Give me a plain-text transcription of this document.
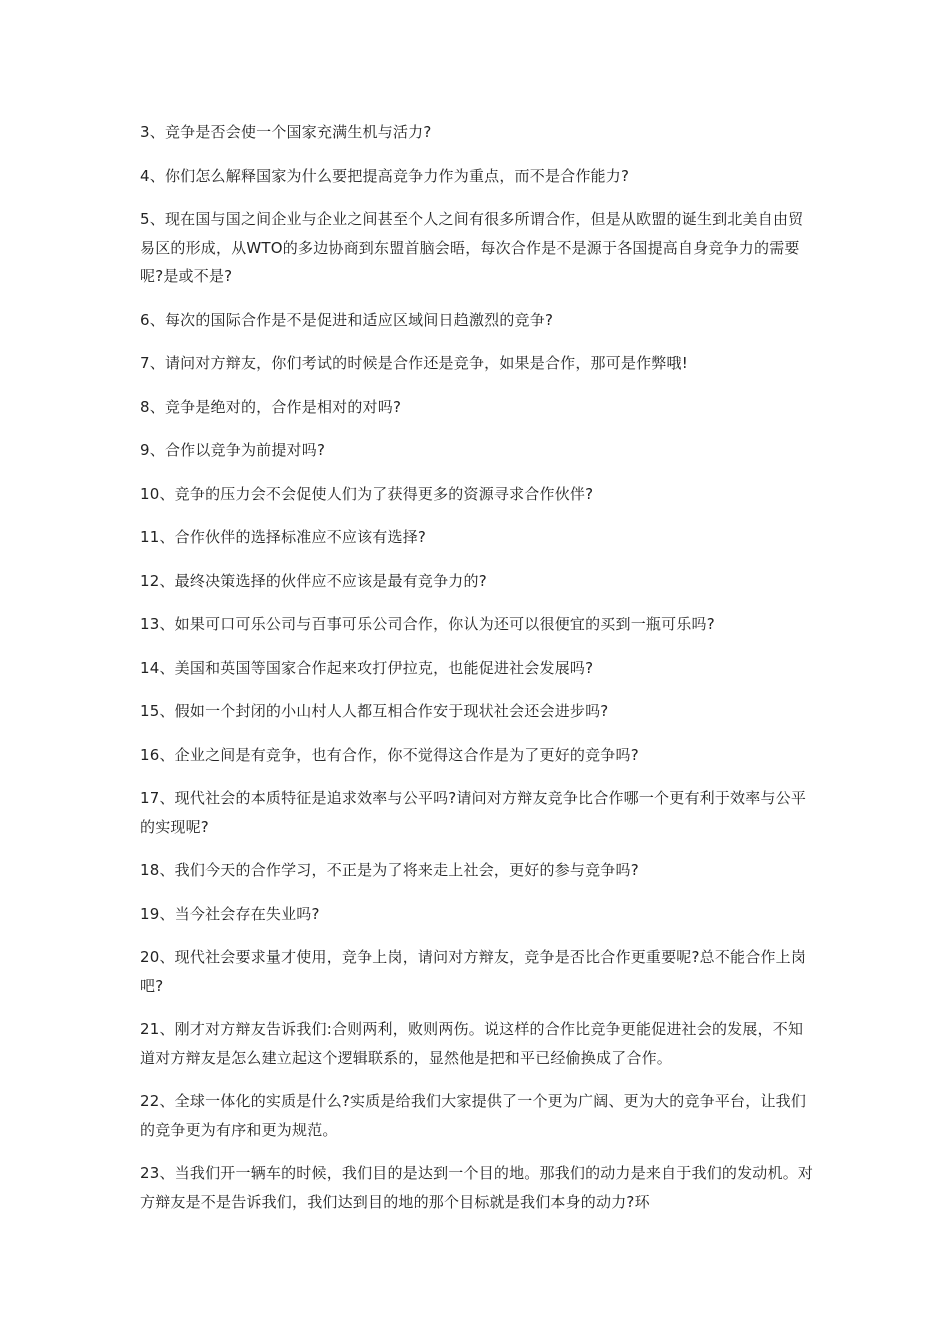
3、竞争是否会使一个国家充满生机与活力?

4、你们怎么解释国家为什么要把提高竞争力作为重点，而不是合作能力?

5、现在国与国之间企业与企业之间甚至个人之间有很多所谓合作，但是从欧盟的诞生到北美自由贸易区的形成，从WTO的多边协商到东盟首脑会晤，每次合作是不是源于各国提高自身竞争力的需要呢?是或不是?

6、每次的国际合作是不是促进和适应区域间日趋激烈的竞争?

7、请问对方辩友，你们考试的时候是合作还是竞争，如果是合作，那可是作弊哦!

8、竞争是绝对的，合作是相对的对吗?

9、合作以竞争为前提对吗?

10、竞争的压力会不会促使人们为了获得更多的资源寻求合作伙伴?

11、合作伙伴的选择标准应不应该有选择?

12、最终决策选择的伙伴应不应该是最有竞争力的?

13、如果可口可乐公司与百事可乐公司合作，你认为还可以很便宜的买到一瓶可乐吗?

14、美国和英国等国家合作起来攻打伊拉克，也能促进社会发展吗?

15、假如一个封闭的小山村人人都互相合作安于现状社会还会进步吗?

16、企业之间是有竞争，也有合作，你不觉得这合作是为了更好的竞争吗?

17、现代社会的本质特征是追求效率与公平吗?请问对方辩友竞争比合作哪一个更有利于效率与公平的实现呢?

18、我们今天的合作学习，不正是为了将来走上社会，更好的参与竞争吗?

19、当今社会存在失业吗?

20、现代社会要求量才使用，竞争上岗，请问对方辩友，竞争是否比合作更重要呢?总不能合作上岗吧?

21、刚才对方辩友告诉我们:合则两利，败则两伤。说这样的合作比竞争更能促进社会的发展，不知道对方辩友是怎么建立起这个逻辑联系的，显然他是把和平已经偷换成了合作。

22、全球一体化的实质是什么?实质是给我们大家提供了一个更为广阔、更为大的竞争平台，让我们的竞争更为有序和更为规范。

23、当我们开一辆车的时候，我们目的是达到一个目的地。那我们的动力是来自于我们的发动机。对方辩友是不是告诉我们，我们达到目的地的那个目标就是我们本身的动力?环
